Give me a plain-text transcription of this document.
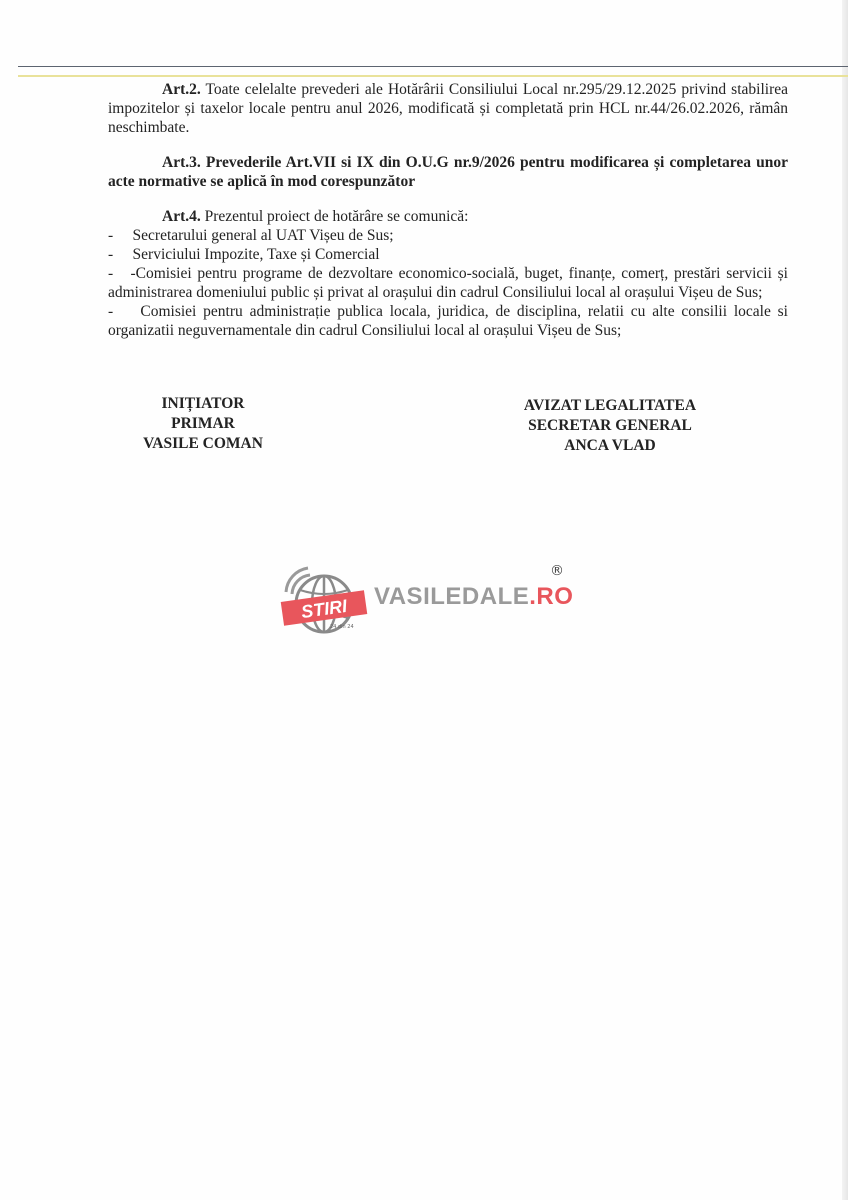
Art.2. Toate celelalte prevederi ale Hotărârii Consiliului Local nr.295/29.12.2025 privind stabilirea impozitelor și taxelor locale pentru anul 2026, modificată și completată prin HCL nr.44/26.02.2026, rămân neschimbate.

Art.3. Prevederile Art.VII si IX din O.U.G nr.9/2026 pentru modificarea și completarea unor acte normative se aplică în mod corespunzător

Art.4. Prezentul proiect de hotărâre se comunică:

-     Secretarului general al UAT Vișeu de Sus;

-     Serviciului Impozite, Taxe și Comercial

-   -Comisiei pentru programe de dezvoltare economico-socială, buget, finanțe, comerț, prestări servicii și administrarea domeniului public și privat al orașului din cadrul Consiliului local al orașului Vișeu de Sus;

-    Comisiei pentru administrație publica locala, juridica, de disciplina, relatii cu alte consilii locale si organizatii neguvernamentale din cadrul Consiliului local al orașului Vișeu de Sus;

INIȚIATOR
PRIMAR
VASILE COMAN
AVIZAT LEGALITATEA
SECRETAR GENERAL
ANCA VLAD
STIRI
24 din 24
VASILEDALE.RO
®
